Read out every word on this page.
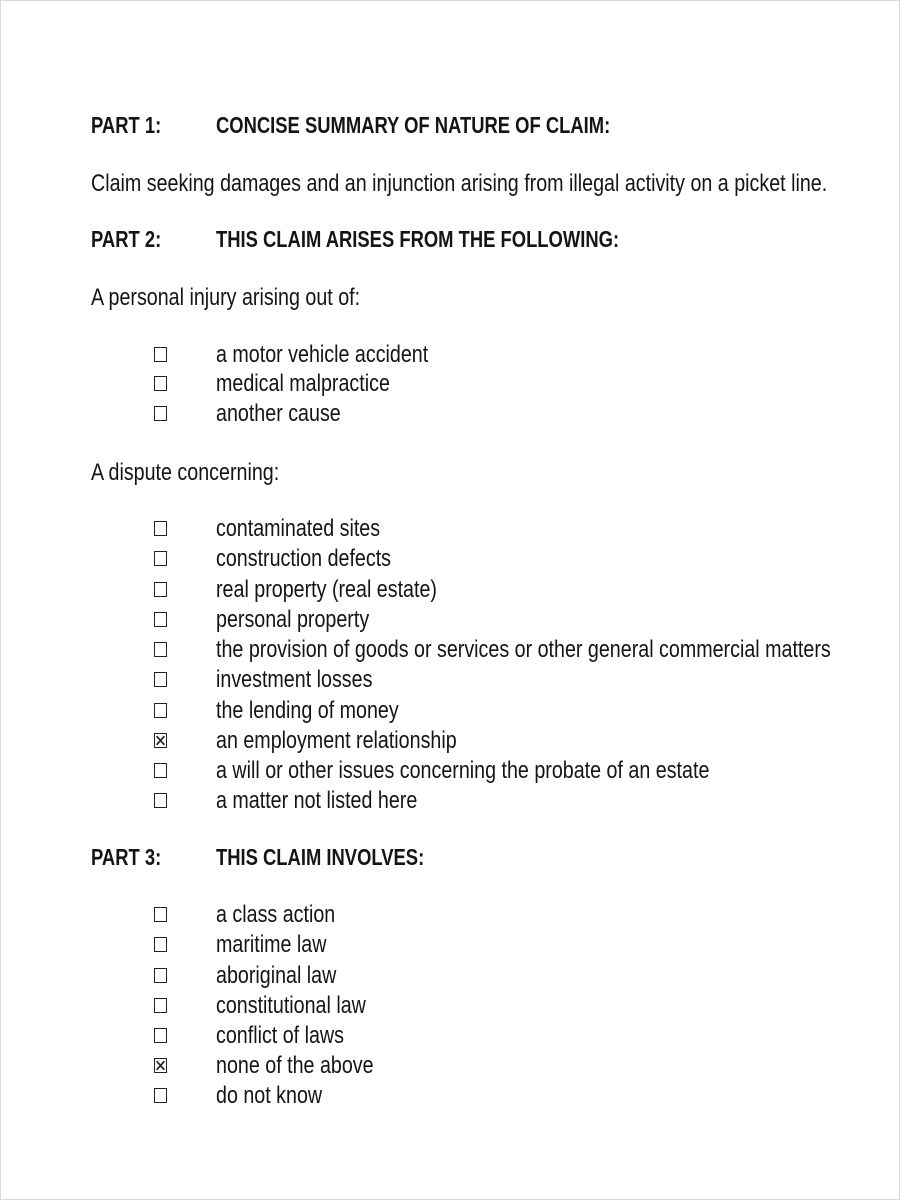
PART 1: CONCISE SUMMARY OF NATURE OF CLAIM:
Claim seeking damages and an injunction arising from illegal activity on a picket line.
PART 2: THIS CLAIM ARISES FROM THE FOLLOWING:
A personal injury arising out of:
a motor vehicle accident
medical malpractice
another cause
A dispute concerning:
contaminated sites
construction defects
real property (real estate)
personal property
the provision of goods or services or other general commercial matters
investment losses
the lending of money
an employment relationship
a will or other issues concerning the probate of an estate
a matter not listed here
PART 3: THIS CLAIM INVOLVES:
a class action
maritime law
aboriginal law
constitutional law
conflict of laws
none of the above
do not know
